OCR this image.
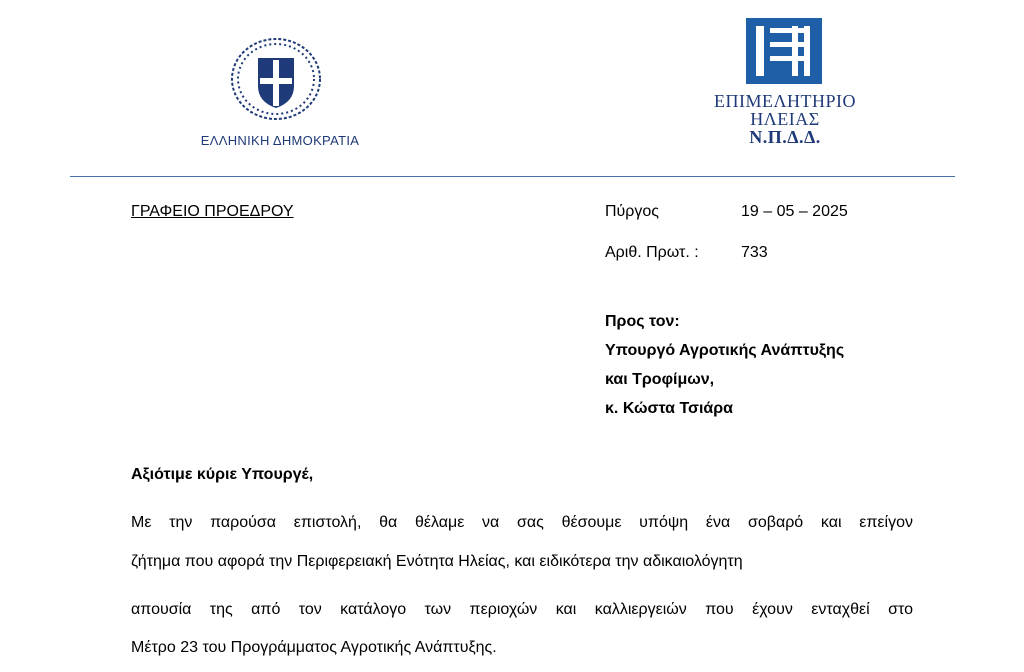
ΕΛΛΗΝΙΚΗ ΔΗΜΟΚΡΑΤΙΑ
ΕΠΙΜΕΛΗΤΗΡΙΟ
ΗΛΕΙΑΣ
Ν.Π.Δ.Δ.
ΓΡΑΦΕΙΟ ΠΡΟΕΔΡΟΥ	Πύργος	19 – 05 – 2025
Αριθ. Πρωτ. :	733
Προς τον:
Υπουργό Αγροτικής Ανάπτυξης
και Τροφίμων,
κ. Κώστα Τσιάρα
Αξιότιμε κύριε Υπουργέ,
Με την παρούσα επιστολή, θα θέλαμε να σας θέσουμε υπόψη ένα σοβαρό και επείγον
ζήτημα που αφορά την Περιφερειακή Ενότητα Ηλείας, και ειδικότερα την αδικαιολόγητη
απουσία της από τον κατάλογο των περιοχών και καλλιεργειών που έχουν ενταχθεί στο
Μέτρο 23 του Προγράμματος Αγροτικής Ανάπτυξης.
